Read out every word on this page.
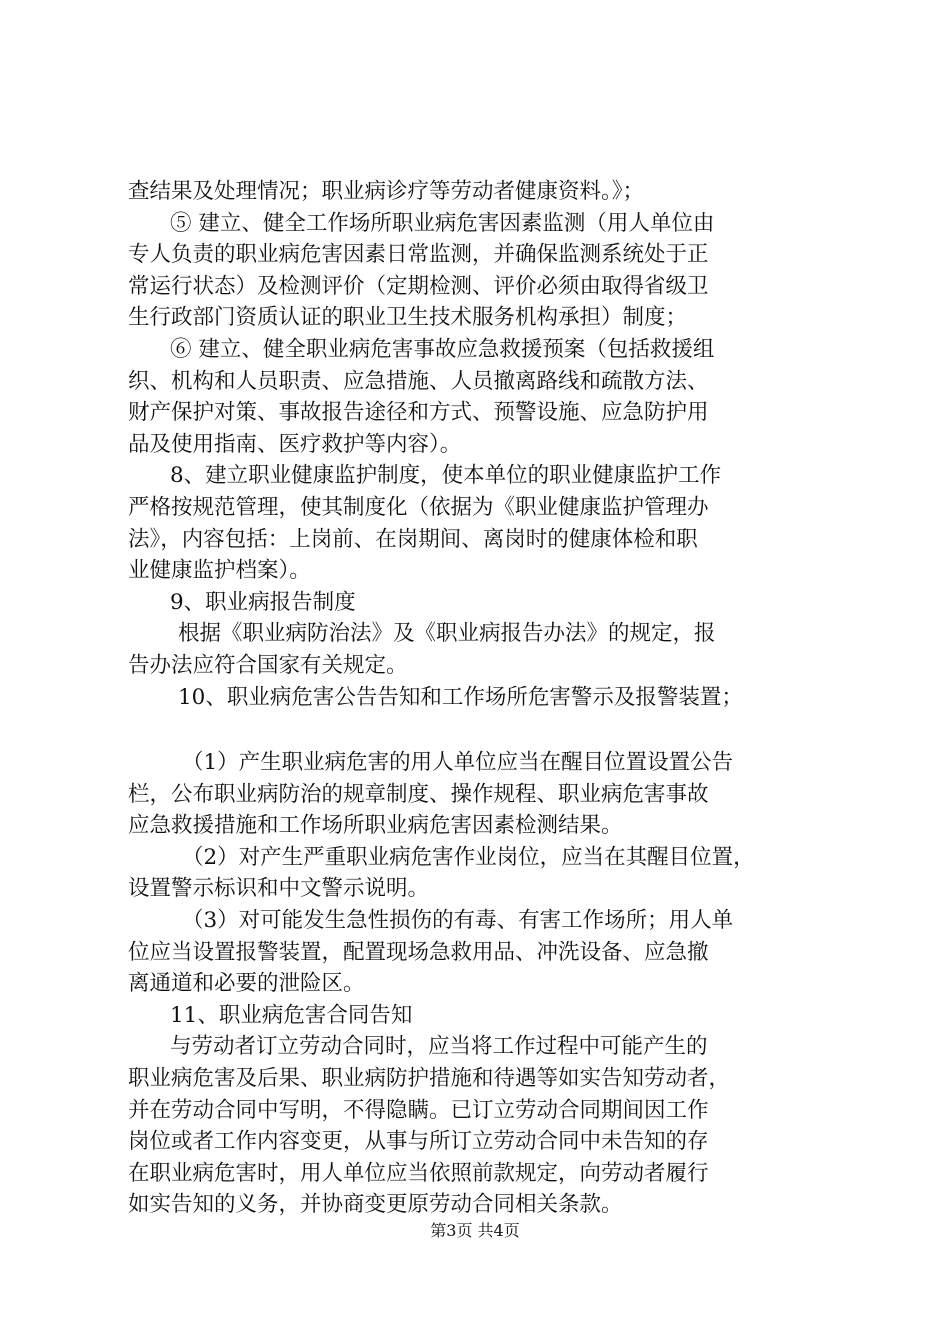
查结果及处理情况；职业病诊疗等劳动者健康资料。》；

⑤ 建立、健全工作场所职业病危害因素监测（用人单位由

专人负责的职业病危害因素日常监测，并确保监测系统处于正

常运行状态）及检测评价（定期检测、评价必须由取得省级卫

生行政部门资质认证的职业卫生技术服务机构承担）制度；

⑥ 建立、健全职业病危害事故应急救援预案（包括救援组

织、机构和人员职责、应急措施、人员撤离路线和疏散方法、

财产保护对策、事故报告途径和方式、预警设施、应急防护用

品及使用指南、医疗救护等内容）。

8、建立职业健康监护制度，使本单位的职业健康监护工作

严格按规范管理，使其制度化（依据为《职业健康监护管理办

法》，内容包括：上岗前、在岗期间、离岗时的健康体检和职

业健康监护档案）。

9、职业病报告制度

根据《职业病防治法》及《职业病报告办法》的规定，报

告办法应符合国家有关规定。

10、职业病危害公告告知和工作场所危害警示及报警装置；

（1）产生职业病危害的用人单位应当在醒目位置设置公告

栏，公布职业病防治的规章制度、操作规程、职业病危害事故

应急救援措施和工作场所职业病危害因素检测结果。

（2）对产生严重职业病危害作业岗位，应当在其醒目位置，

设置警示标识和中文警示说明。

（3）对可能发生急性损伤的有毒、有害工作场所；用人单

位应当设置报警装置，配置现场急救用品、冲洗设备、应急撤

离通道和必要的泄险区。

11、职业病危害合同告知

与劳动者订立劳动合同时，应当将工作过程中可能产生的

职业病危害及后果、职业病防护措施和待遇等如实告知劳动者，

并在劳动合同中写明，不得隐瞒。已订立劳动合同期间因工作

岗位或者工作内容变更，从事与所订立劳动合同中未告知的存

在职业病危害时，用人单位应当依照前款规定，向劳动者履行

如实告知的义务，并协商变更原劳动合同相关条款。

第3页 共4页
